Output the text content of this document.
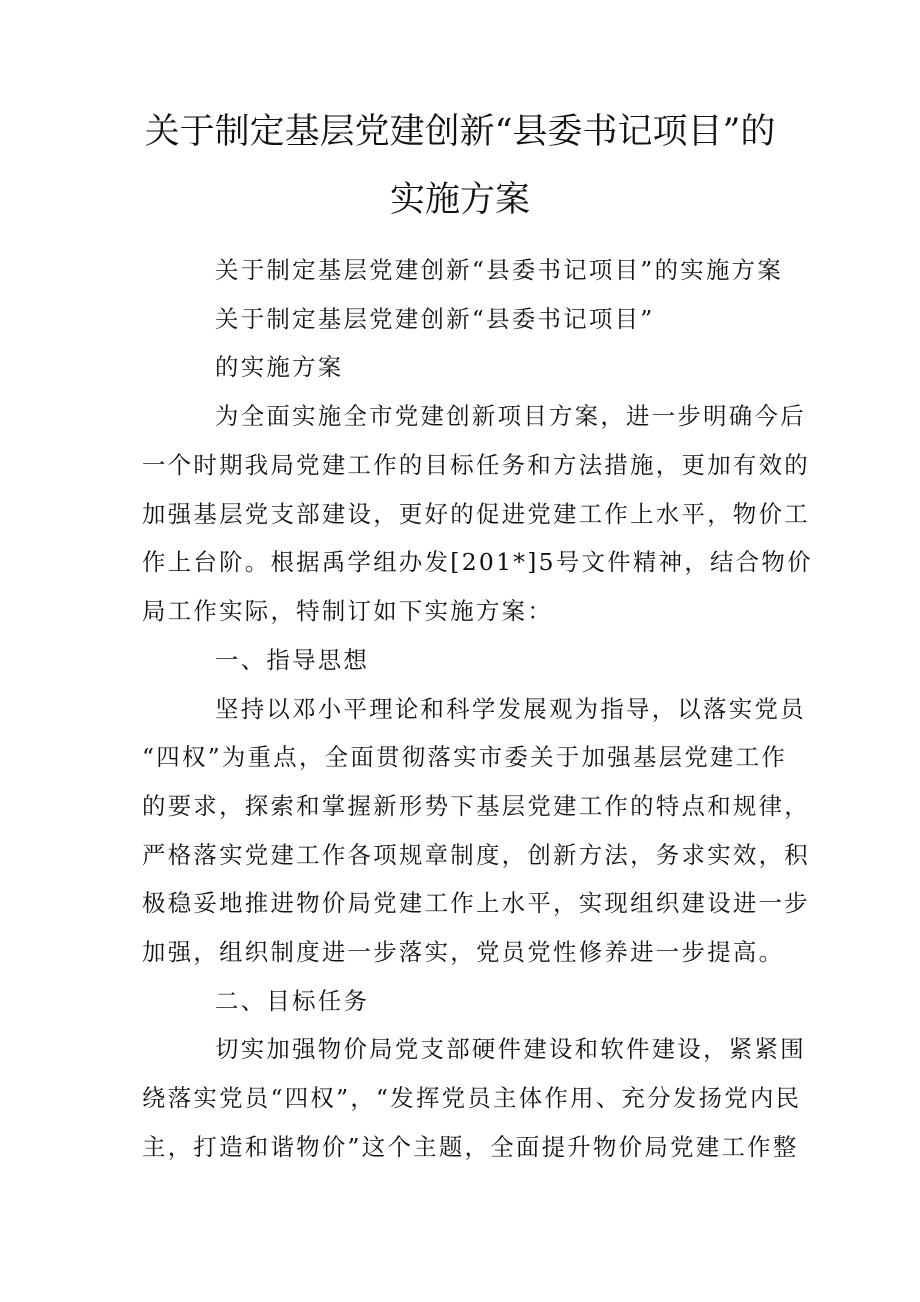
关于制定基层党建创新“县委书记项目”的
实施方案
关于制定基层党建创新“县委书记项目”的实施方案
关于制定基层党建创新“县委书记项目”
的实施方案
为全面实施全市党建创新项目方案，进一步明确今后
一个时期我局党建工作的目标任务和方法措施，更加有效的
加强基层党支部建设，更好的促进党建工作上水平，物价工
作上台阶。根据禹学组办发[201*]5号文件精神，结合物价
局工作实际，特制订如下实施方案：
一、指导思想
坚持以邓小平理论和科学发展观为指导，以落实党员
“四权”为重点，全面贯彻落实市委关于加强基层党建工作
的要求，探索和掌握新形势下基层党建工作的特点和规律，
严格落实党建工作各项规章制度，创新方法，务求实效，积
极稳妥地推进物价局党建工作上水平，实现组织建设进一步
加强，组织制度进一步落实，党员党性修养进一步提高。
二、目标任务
切实加强物价局党支部硬件建设和软件建设，紧紧围
绕落实党员“四权”，“发挥党员主体作用、充分发扬党内民
主，打造和谐物价”这个主题，全面提升物价局党建工作整
